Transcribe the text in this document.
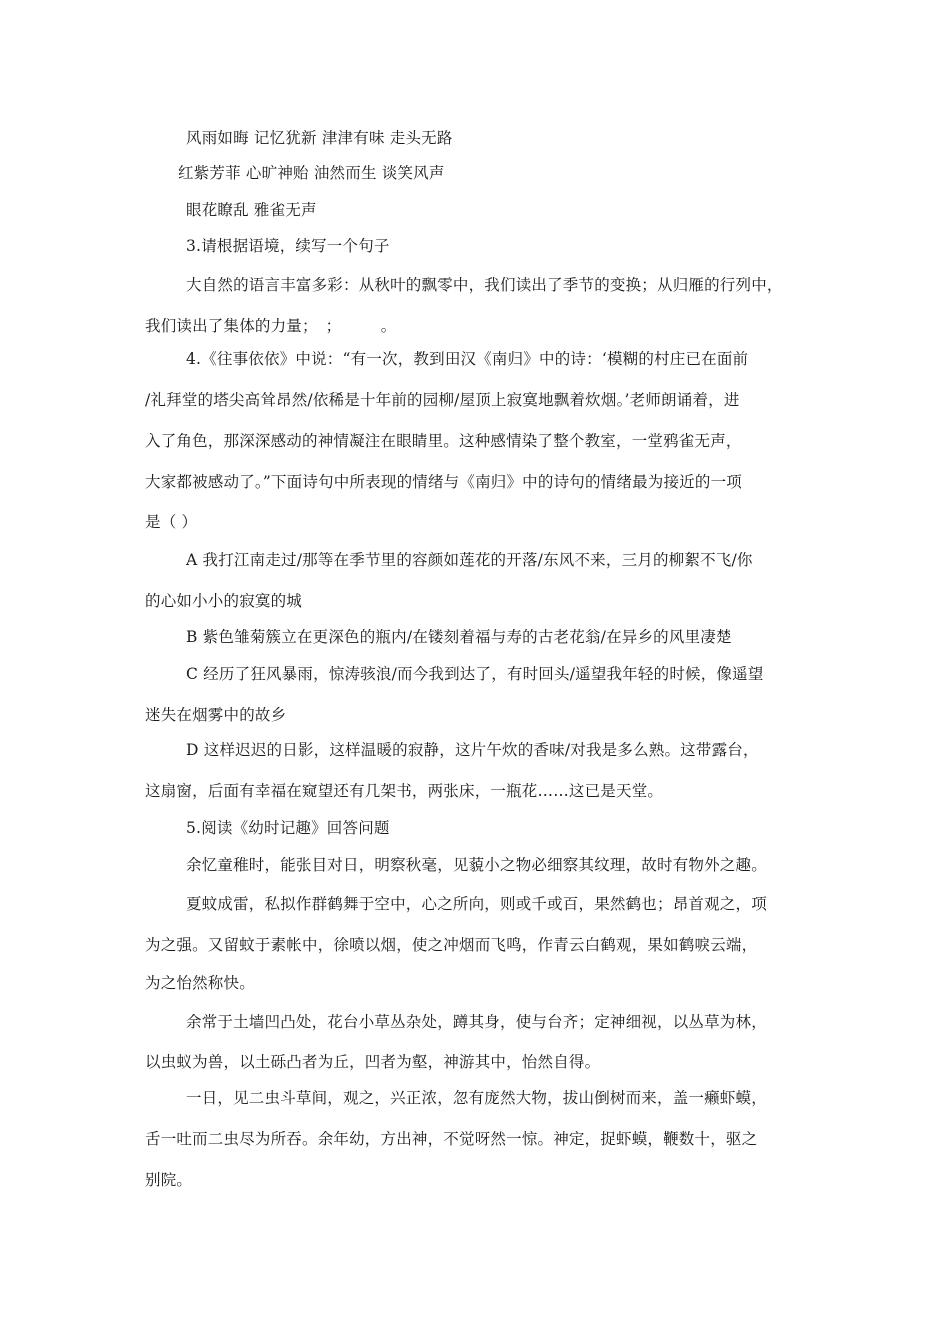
风雨如晦 记忆犹新 津津有味 走头无路
红紫芳菲 心旷神贻 油然而生 谈笑风声
眼花瞭乱 雅雀无声
3.请根据语境，续写一个句子
大自然的语言丰富多彩：从秋叶的飘零中，我们读出了季节的变换；从归雁的行列中，
我们读出了集体的力量；　；　　　。
4.《往事依依》中说：“有一次，教到田汉《南归》中的诗：‘模糊的村庄已在面前
/礼拜堂的塔尖高耸昂然/依稀是十年前的园柳/屋顶上寂寞地飘着炊烟。’老师朗诵着，进
入了角色，那深深感动的神情凝注在眼睛里。这种感情染了整个教室，一堂鸦雀无声，
大家都被感动了。”下面诗句中所表现的情绪与《南归》中的诗句的情绪最为接近的一项
是（ ）
A 我打江南走过/那等在季节里的容颜如莲花的开落/东风不来，三月的柳絮不飞/你
的心如小小的寂寞的城
B 紫色雏菊簇立在更深色的瓶内/在镂刻着福与寿的古老花翁/在异乡的风里凄楚
C 经历了狂风暴雨，惊涛骇浪/而今我到达了，有时回头/遥望我年轻的时候，像遥望
迷失在烟雾中的故乡
D 这样迟迟的日影，这样温暖的寂静，这片午炊的香味/对我是多么熟。这带露台，
这扇窗，后面有幸福在窥望还有几架书，两张床，一瓶花……这已是天堂。
5.阅读《幼时记趣》回答问题
余忆童稚时，能张目对日，明察秋毫，见藐小之物必细察其纹理，故时有物外之趣。
夏蚊成雷，私拟作群鹤舞于空中，心之所向，则或千或百，果然鹤也；昂首观之，项
为之强。又留蚊于素帐中，徐喷以烟，使之冲烟而飞鸣，作青云白鹤观，果如鹤唳云端，
为之怡然称快。
余常于土墙凹凸处，花台小草丛杂处，蹲其身，使与台齐；定神细视，以丛草为林，
以虫蚁为兽，以土砾凸者为丘，凹者为壑，神游其中，怡然自得。
一日，见二虫斗草间，观之，兴正浓，忽有庞然大物，拔山倒树而来，盖一癞虾蟆，
舌一吐而二虫尽为所吞。余年幼，方出神，不觉呀然一惊。神定，捉虾蟆，鞭数十，驱之
别院。
